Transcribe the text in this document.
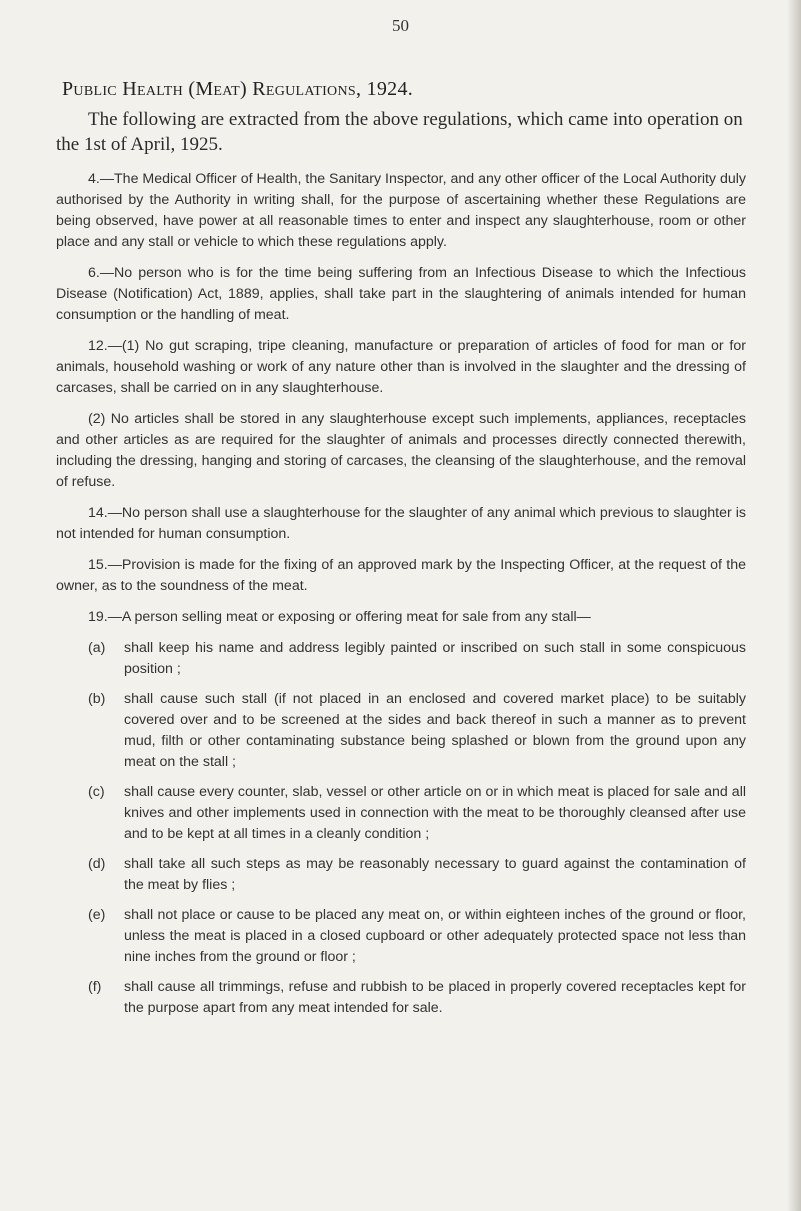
50
Public Health (Meat) Regulations, 1924.

The following are extracted from the above regulations, which came into operation on the 1st of April, 1925.

4.—The Medical Officer of Health, the Sanitary Inspector, and any other officer of the Local Authority duly authorised by the Authority in writing shall, for the purpose of ascertaining whether these Regulations are being observed, have power at all reasonable times to enter and inspect any slaughterhouse, room or other place and any stall or vehicle to which these regulations apply.

6.—No person who is for the time being suffering from an Infectious Disease to which the Infectious Disease (Notification) Act, 1889, applies, shall take part in the slaughtering of animals intended for human consumption or the handling of meat.

12.—(1) No gut scraping, tripe cleaning, manufacture or preparation of articles of food for man or for animals, household washing or work of any nature other than is involved in the slaughter and the dressing of carcases, shall be carried on in any slaughterhouse.

(2) No articles shall be stored in any slaughterhouse except such implements, appliances, receptacles and other articles as are required for the slaughter of animals and processes directly connected therewith, including the dressing, hanging and storing of carcases, the cleansing of the slaughterhouse, and the removal of refuse.

14.—No person shall use a slaughterhouse for the slaughter of any animal which previous to slaughter is not intended for human consumption.

15.—Provision is made for the fixing of an approved mark by the Inspecting Officer, at the request of the owner, as to the soundness of the meat.

19.—A person selling meat or exposing or offering meat for sale from any stall—

(a)	shall keep his name and address legibly painted or inscribed on such stall in some conspicuous position ;
(b)	shall cause such stall (if not placed in an enclosed and covered market place) to be suitably covered over and to be screened at the sides and back thereof in such a manner as to prevent mud, filth or other contaminating substance being splashed or blown from the ground upon any meat on the stall ;
(c)	shall cause every counter, slab, vessel or other article on or in which meat is placed for sale and all knives and other implements used in connection with the meat to be thoroughly cleansed after use and to be kept at all times in a cleanly condition ;
(d)	shall take all such steps as may be reasonably necessary to guard against the contamination of the meat by flies ;
(e)	shall not place or cause to be placed any meat on, or within eighteen inches of the ground or floor, unless the meat is placed in a closed cupboard or other adequately protected space not less than nine inches from the ground or floor ;
(f)	shall cause all trimmings, refuse and rubbish to be placed in properly covered receptacles kept for the purpose apart from any meat intended for sale.
